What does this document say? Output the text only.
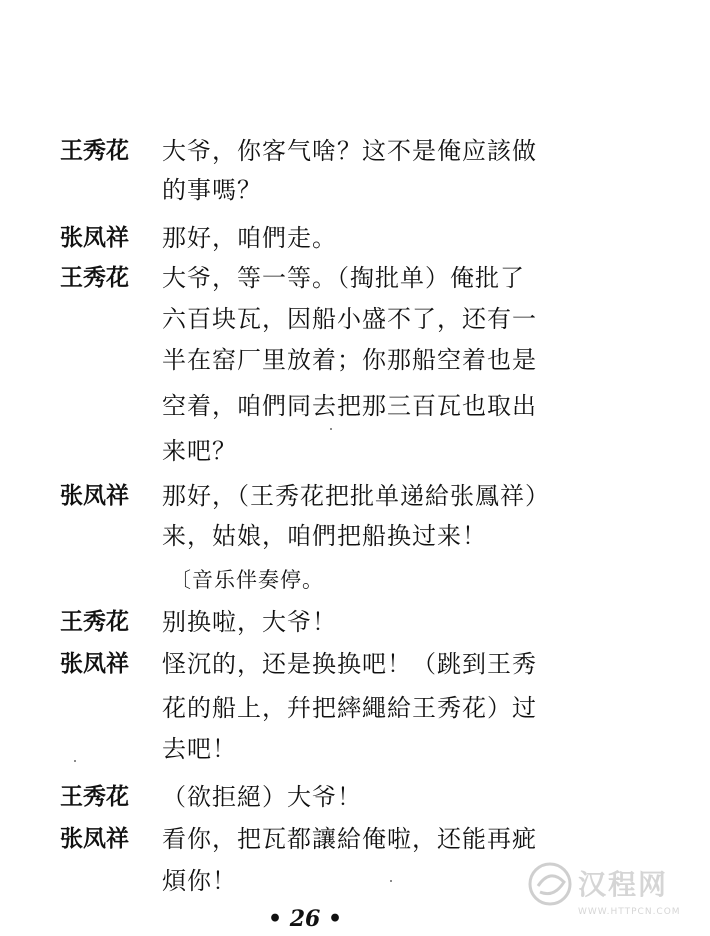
王秀花 大爷，你客气啥？这不是俺应該做
的事嗎？
张凤祥 那好，咱們走。
王秀花 大爷，等一等。（掏批单）俺批了
六百块瓦，因船小盛不了，还有一
半在窑厂里放着；你那船空着也是
空着，咱們同去把那三百瓦也取出
来吧？
张凤祥 那好，（王秀花把批单递給张鳳祥）
来，姑娘，咱們把船换过来！
〔音乐伴奏停。
王秀花 别换啦，大爷！
张凤祥 怪沉的，还是换换吧！（跳到王秀
花的船上，幷把繂繩給王秀花）过
去吧！
王秀花 （欲拒絕）大爷！
张凤祥 看你，把瓦都讓給俺啦，还能再疵
煩你！
• 26 •
汉程网
WWW.HTTPCN.COM
